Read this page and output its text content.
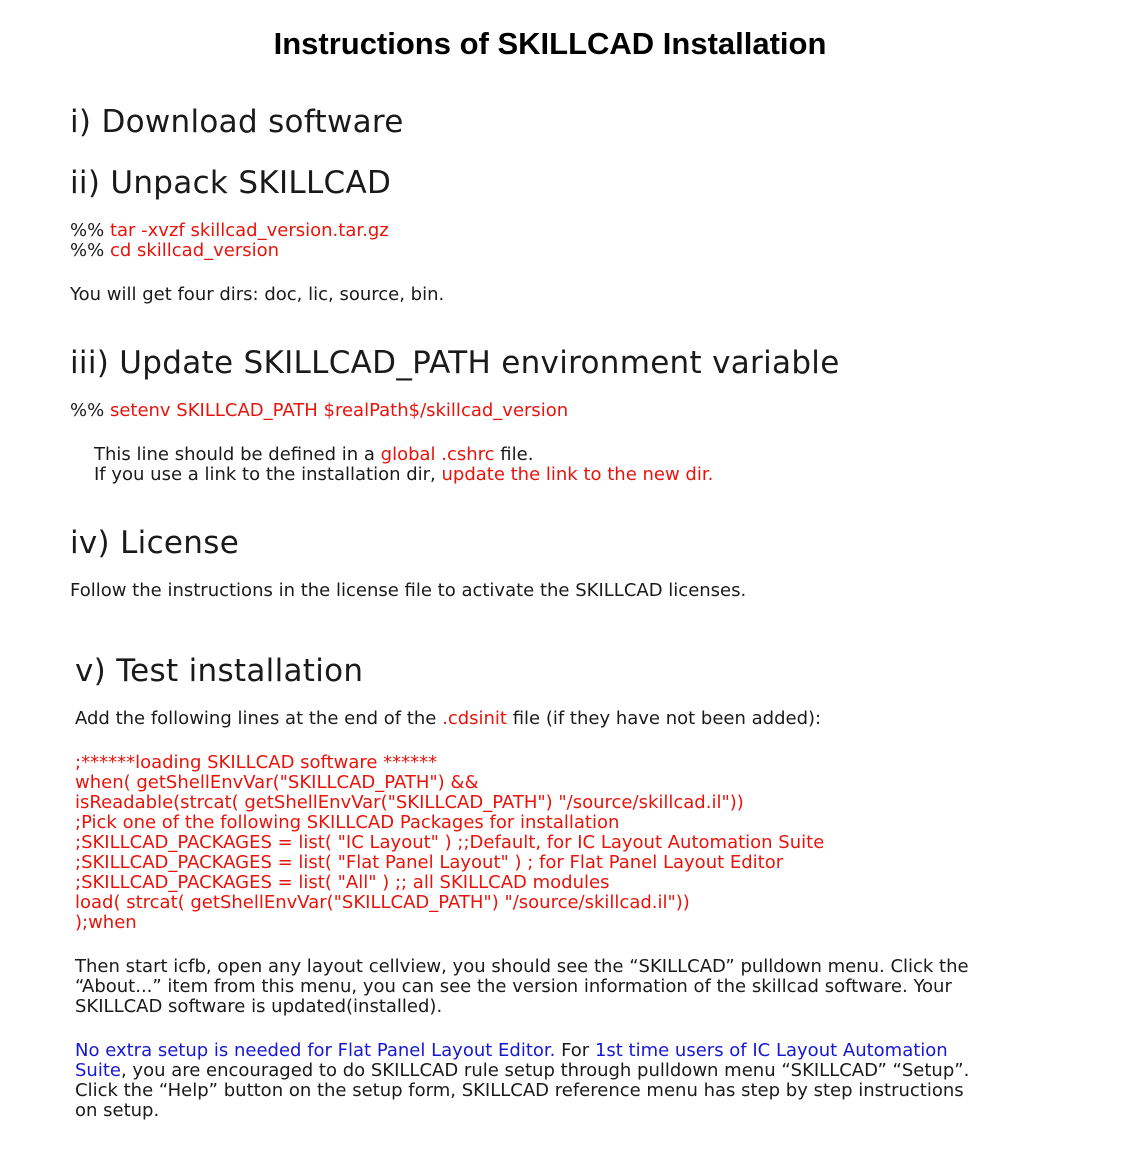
Instructions of SKILLCAD Installation
i) Download software
ii) Unpack SKILLCAD
%% tar -xvzf skillcad_version.tar.gz
%% cd skillcad_version
You will get four dirs: doc, lic, source, bin.
iii) Update SKILLCAD_PATH environment variable
%% setenv SKILLCAD_PATH $realPath$/skillcad_version
This line should be defined in a global .cshrc file.
If you use a link to the installation dir, update the link to the new dir.
iv) License
Follow the instructions in the license file to activate the SKILLCAD licenses.
v) Test installation
Add the following lines at the end of the .cdsinit file (if they have not been added):
;******loading SKILLCAD software ******
when( getShellEnvVar("SKILLCAD_PATH") &&
isReadable(strcat( getShellEnvVar("SKILLCAD_PATH") "/source/skillcad.il"))
;Pick one of the following SKILLCAD Packages for installation
;SKILLCAD_PACKAGES = list( "IC Layout" ) ;;Default, for IC Layout Automation Suite
;SKILLCAD_PACKAGES = list( "Flat Panel Layout" ) ; for Flat Panel Layout Editor
;SKILLCAD_PACKAGES = list( "All" ) ;; all SKILLCAD modules
load( strcat( getShellEnvVar("SKILLCAD_PATH") "/source/skillcad.il"))
);when
Then start icfb, open any layout cellview, you should see the “SKILLCAD” pulldown menu. Click the
“About...” item from this menu, you can see the version information of the skillcad software. Your
SKILLCAD software is updated(installed).
No extra setup is needed for Flat Panel Layout Editor. For 1st time users of IC Layout Automation
Suite, you are encouraged to do SKILLCAD rule setup through pulldown menu “SKILLCAD” “Setup”.
Click the “Help” button on the setup form, SKILLCAD reference menu has step by step instructions
on setup.
